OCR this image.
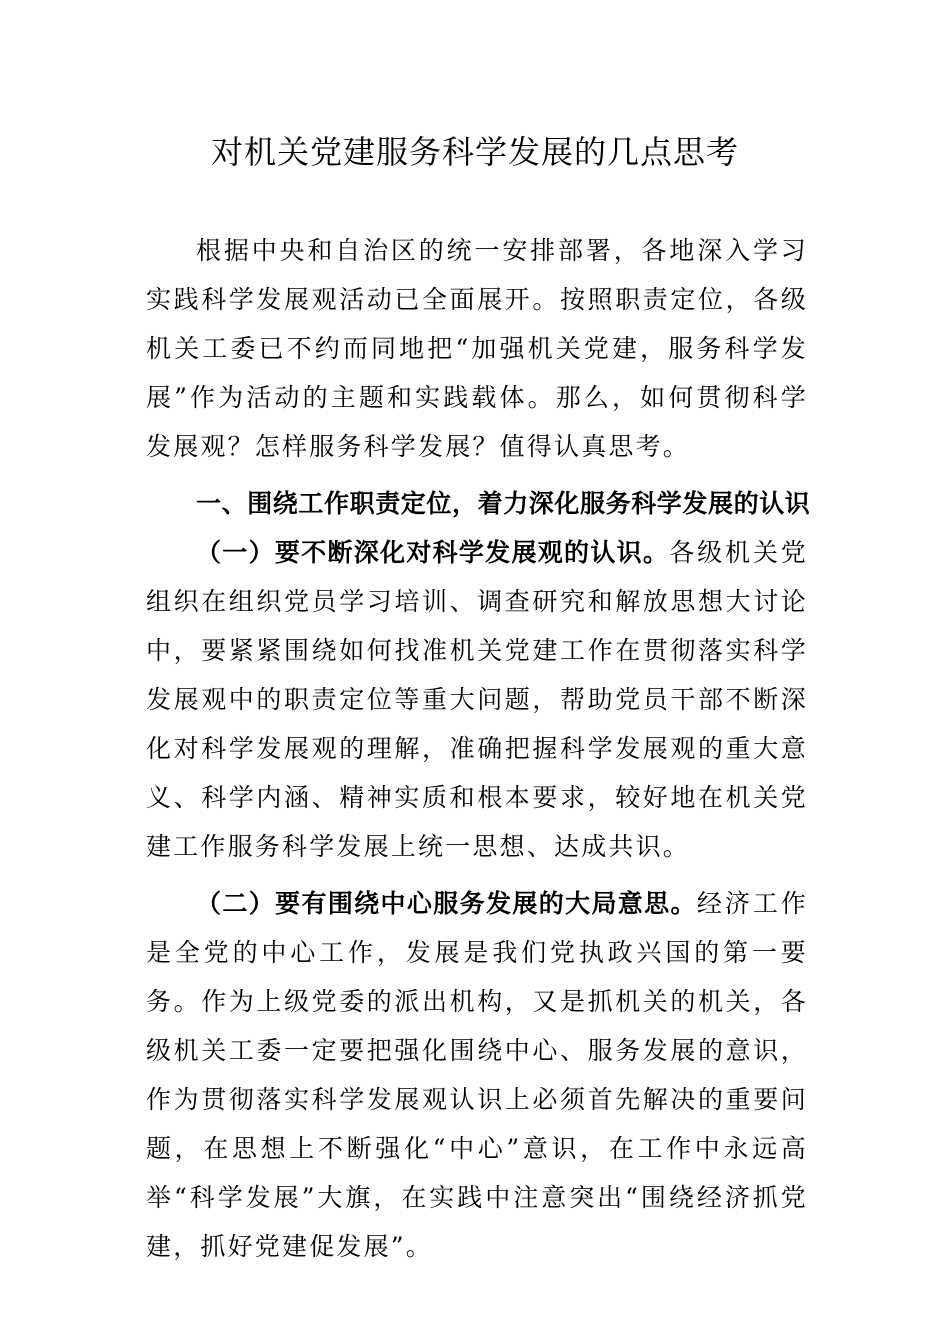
对机关党建服务科学发展的几点思考

根据中央和自治区的统一安排部署，各地深入学习实践科学发展观活动已全面展开。按照职责定位，各级机关工委已不约而同地把“加强机关党建，服务科学发展”作为活动的主题和实践载体。那么，如何贯彻科学发展观？怎样服务科学发展？值得认真思考。

一、围绕工作职责定位，着力深化服务科学发展的认识

（一）要不断深化对科学发展观的认识。各级机关党组织在组织党员学习培训、调查研究和解放思想大讨论中，要紧紧围绕如何找准机关党建工作在贯彻落实科学发展观中的职责定位等重大问题，帮助党员干部不断深化对科学发展观的理解，准确把握科学发展观的重大意义、科学内涵、精神实质和根本要求，较好地在机关党建工作服务科学发展上统一思想、达成共识。

（二）要有围绕中心服务发展的大局意思。经济工作是全党的中心工作，发展是我们党执政兴国的第一要务。作为上级党委的派出机构，又是抓机关的机关，各级机关工委一定要把强化围绕中心、服务发展的意识，作为贯彻落实科学发展观认识上必须首先解决的重要问题，在思想上不断强化“中心”意识，在工作中永远高举“科学发展”大旗，在实践中注意突出“围绕经济抓党建，抓好党建促发展”。
